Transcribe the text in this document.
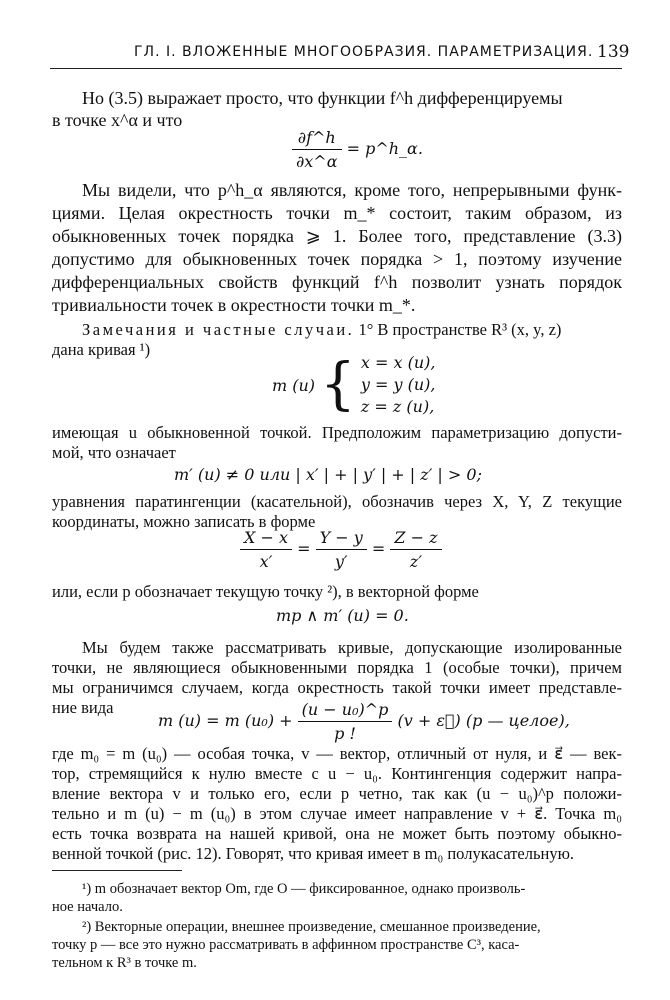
ГЛ. I. ВЛОЖЕННЫЕ МНОГООБРАЗИЯ. ПАРАМЕТРИЗАЦИЯ. 139
Но (3.5) выражает просто, что функции f^h дифференцируемы
в точке x^α и что
$\frac{\partial f\^{}h}{\partial x\^{}\alpha}$ = p^h_α.
Мы видели, что p^h_α являются, кроме того, непрерывными функ-
циями. Целая окрестность точки m_* состоит, таким образом, из
обыкновенных точек порядка ⩾ 1. Более того, представление (3.3)
допустимо для обыкновенных точек порядка > 1, поэтому изучение
дифференциальных свойств функций f^h позволит узнать порядок
тривиальности точек в окрестности точки m_*.
Замечания и частные случаи. 1° В пространстве R³ (x, y, z)
дана кривая ¹)
m (u) { x = x (u),
y = y (u),
z = z (u),
имеющая u обыкновенной точкой. Предположим параметризацию допусти-
мой, что означает
m′ (u) ≠ 0 или | x′ | + | y′ | + | z′ | > 0;
уравнения паратингенции (касательной), обозначив через X, Y, Z текущие
координаты, можно записать в форме
$\frac{X - x}{x'} = \frac{Y - y}{y'} = \frac{Z - z}{z'}$
или, если p обозначает текущую точку ²), в векторной форме
mp ∧ m′ (u) = 0.
Мы будем также рассматривать кривые, допускающие изолированные
точки, не являющиеся обыкновенными порядка 1 (особые точки), причем
мы ограничимся случаем, когда окрестность такой точки имеет представле-
ние вида
m (u) = m $(u_0) + \frac{\text{(u − u₀)\textasciicircum{}p}}{p !} (v$ + ε⃗) (p — целое),
где m₀ = m (u₀) — особая точка, v — вектор, отличный от нуля, и ε⃗ — век-
тор, стремящийся к нулю вместе с u − u₀. Контингенция содержит напра-
вление вектора v и только его, если p четно, так как (u − u₀)^p положи-
тельно и m (u) − m (u₀) в этом случае имеет направление v + ε⃗. Точка m₀
есть точка возврата на нашей кривой, она не может быть поэтому обыкно-
венной точкой (рис. 12). Говорят, что кривая имеет в m₀ полукасательную.
¹) m обозначает вектор Om, где O — фиксированное, однако произволь-
ное начало.
²) Векторные операции, внешнее произведение, смешанное произведение,
точку p — все это нужно рассматривать в аффинном пространстве C³, каса-
тельном к R³ в точке m.
